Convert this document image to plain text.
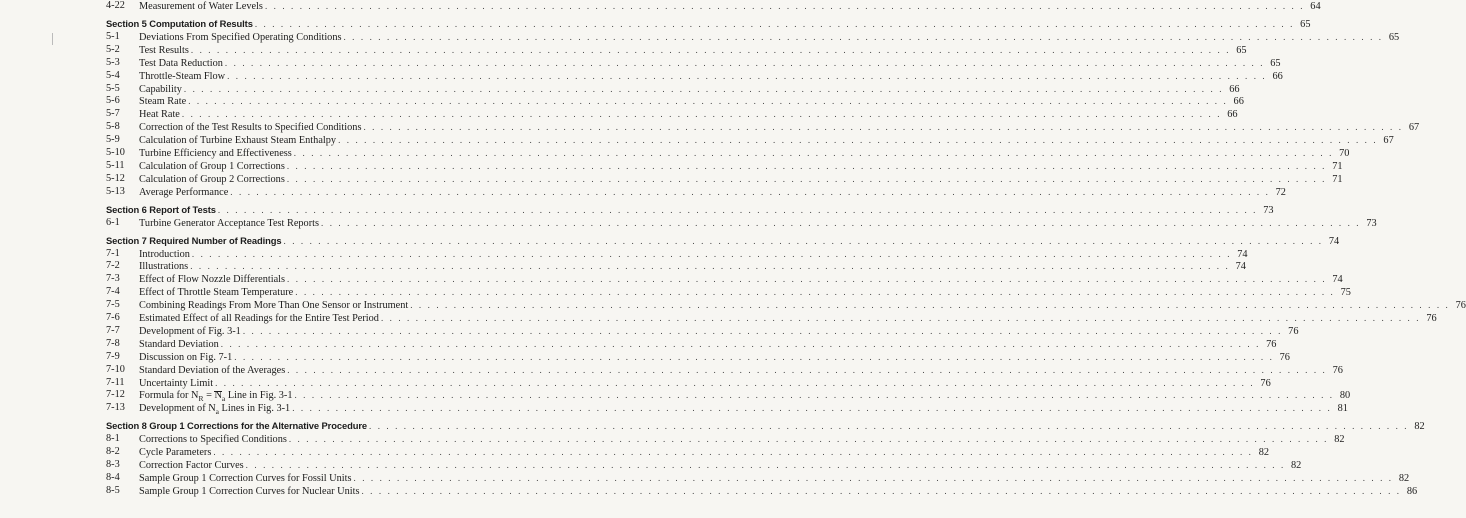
4-22 Measurement of Water Levels . . . . . . . . . . . . . . . . . . . . . . . . . . . . . . . . . . . . . . . . . . . . . . . . . . . . . . . . . . . . . . . . . . . . . . . . . . . . . . . . . . . . . . . . . . . . . . . . . . . . . . . . . . . . . . . . . . . . . . . . 64
Section 5 Computation of Results . . . . . . . . . . . . . . . . . . . . . . . . . . . . . . . . . . . . . . . . . . . . . . . . . . . . . . . . . . . . . . . . . . . . . . . . . . . . . . . . . . . . . . . . . . . . . . . . . . . . . . . . . . . . . . . . . . . . . . . . 65
5-1 Deviations From Specified Operating Conditions . . . . . . . . . . . . . . . . . . . . . . . . . . . . . . . . . . . . . . . . . . . . . . . . . . . . . . . . . . . . . . . . . . . . . . . . . . . . . . . . . . . . . . . . . . . . . . . . . . . . . . . . . . . . . . . . . . . . . . . . 65
5-2 Test Results . . . . . . . . . . . . . . . . . . . . . . . . . . . . . . . . . . . . . . . . . . . . . . . . . . . . . . . . . . . . . . . . . . . . . . . . . . . . . . . . . . . . . . . . . . . . . . . . . . . . . . . . . . . . . . . . . . . . . . . . 65
5-3 Test Data Reduction . . . . . . . . . . . . . . . . . . . . . . . . . . . . . . . . . . . . . . . . . . . . . . . . . . . . . . . . . . . . . . . . . . . . . . . . . . . . . . . . . . . . . . . . . . . . . . . . . . . . . . . . . . . . . . . . . . . . . . . . 65
5-4 Throttle-Steam Flow . . . . . . . . . . . . . . . . . . . . . . . . . . . . . . . . . . . . . . . . . . . . . . . . . . . . . . . . . . . . . . . . . . . . . . . . . . . . . . . . . . . . . . . . . . . . . . . . . . . . . . . . . . . . . . . . . . . . . . . . 66
5-5 Capability . . . . . . . . . . . . . . . . . . . . . . . . . . . . . . . . . . . . . . . . . . . . . . . . . . . . . . . . . . . . . . . . . . . . . . . . . . . . . . . . . . . . . . . . . . . . . . . . . . . . . . . . . . . . . . . . . . . . . . . . 66
5-6 Steam Rate . . . . . . . . . . . . . . . . . . . . . . . . . . . . . . . . . . . . . . . . . . . . . . . . . . . . . . . . . . . . . . . . . . . . . . . . . . . . . . . . . . . . . . . . . . . . . . . . . . . . . . . . . . . . . . . . . . . . . . . . 66
5-7 Heat Rate . . . . . . . . . . . . . . . . . . . . . . . . . . . . . . . . . . . . . . . . . . . . . . . . . . . . . . . . . . . . . . . . . . . . . . . . . . . . . . . . . . . . . . . . . . . . . . . . . . . . . . . . . . . . . . . . . . . . . . . . 66
5-8 Correction of the Test Results to Specified Conditions . . . . . . . . . . . . . . . . . . . . . . . . . . . . . . . . . . . . . . . . . . . . . . . . . . . . . . . . . . . . . . . . . . . . . . . . . . . . . . . . . . . . . . . . . . . . . . . . . . . . . . . . . . . . . . . . . . . . . . . . 67
5-9 Calculation of Turbine Exhaust Steam Enthalpy . . . . . . . . . . . . . . . . . . . . . . . . . . . . . . . . . . . . . . . . . . . . . . . . . . . . . . . . . . . . . . . . . . . . . . . . . . . . . . . . . . . . . . . . . . . . . . . . . . . . . . . . . . . . . . . . . . . . . . . . 67
5-10 Turbine Efficiency and Effectiveness . . . . . . . . . . . . . . . . . . . . . . . . . . . . . . . . . . . . . . . . . . . . . . . . . . . . . . . . . . . . . . . . . . . . . . . . . . . . . . . . . . . . . . . . . . . . . . . . . . . . . . . . . . . . . . . . . . . . . . . . 70
5-11 Calculation of Group 1 Corrections . . . . . . . . . . . . . . . . . . . . . . . . . . . . . . . . . . . . . . . . . . . . . . . . . . . . . . . . . . . . . . . . . . . . . . . . . . . . . . . . . . . . . . . . . . . . . . . . . . . . . . . . . . . . . . . . . . . . . . . . 71
5-12 Calculation of Group 2 Corrections . . . . . . . . . . . . . . . . . . . . . . . . . . . . . . . . . . . . . . . . . . . . . . . . . . . . . . . . . . . . . . . . . . . . . . . . . . . . . . . . . . . . . . . . . . . . . . . . . . . . . . . . . . . . . . . . . . . . . . . . 71
5-13 Average Performance . . . . . . . . . . . . . . . . . . . . . . . . . . . . . . . . . . . . . . . . . . . . . . . . . . . . . . . . . . . . . . . . . . . . . . . . . . . . . . . . . . . . . . . . . . . . . . . . . . . . . . . . . . . . . . . . . . . . . . . . 72
Section 6 Report of Tests . . . . . . . . . . . . . . . . . . . . . . . . . . . . . . . . . . . . . . . . . . . . . . . . . . . . . . . . . . . . . . . . . . . . . . . . . . . . . . . . . . . . . . . . . . . . . . . . . . . . . . . . . . . . . . . . . . . . . . . . 73
6-1 Turbine Generator Acceptance Test Reports . . . . . . . . . . . . . . . . . . . . . . . . . . . . . . . . . . . . . . . . . . . . . . . . . . . . . . . . . . . . . . . . . . . . . . . . . . . . . . . . . . . . . . . . . . . . . . . . . . . . . . . . . . . . . . . . . . . . . . . . 73
Section 7 Required Number of Readings . . . . . . . . . . . . . . . . . . . . . . . . . . . . . . . . . . . . . . . . . . . . . . . . . . . . . . . . . . . . . . . . . . . . . . . . . . . . . . . . . . . . . . . . . . . . . . . . . . . . . . . . . . . . . . . . . . . . . . . . 74
7-1 Introduction . . . . . . . . . . . . . . . . . . . . . . . . . . . . . . . . . . . . . . . . . . . . . . . . . . . . . . . . . . . . . . . . . . . . . . . . . . . . . . . . . . . . . . . . . . . . . . . . . . . . . . . . . . . . . . . . . . . . . . . . 74
7-2 Illustrations . . . . . . . . . . . . . . . . . . . . . . . . . . . . . . . . . . . . . . . . . . . . . . . . . . . . . . . . . . . . . . . . . . . . . . . . . . . . . . . . . . . . . . . . . . . . . . . . . . . . . . . . . . . . . . . . . . . . . . . . 74
7-3 Effect of Flow Nozzle Differentials . . . . . . . . . . . . . . . . . . . . . . . . . . . . . . . . . . . . . . . . . . . . . . . . . . . . . . . . . . . . . . . . . . . . . . . . . . . . . . . . . . . . . . . . . . . . . . . . . . . . . . . . . . . . . . . . . . . . . . . . 74
7-4 Effect of Throttle Steam Temperature . . . . . . . . . . . . . . . . . . . . . . . . . . . . . . . . . . . . . . . . . . . . . . . . . . . . . . . . . . . . . . . . . . . . . . . . . . . . . . . . . . . . . . . . . . . . . . . . . . . . . . . . . . . . . . . . . . . . . . . . 75
7-5 Combining Readings From More Than One Sensor or Instrument . . . . . . . . . . . . . . . . . . . . . . . . . . . . . . . . . . . . . . . . . . . . . . . . . . . . . . . . . . . . . . . . . . . . . . . . . . . . . . . . . . . . . . . . . . . . . . . . . . . . . . . . . . . . . . . . . . . . . . . . 76
7-6 Estimated Effect of all Readings for the Entire Test Period . . . . . . . . . . . . . . . . . . . . . . . . . . . . . . . . . . . . . . . . . . . . . . . . . . . . . . . . . . . . . . . . . . . . . . . . . . . . . . . . . . . . . . . . . . . . . . . . . . . . . . . . . . . . . . . . . . . . . . . . 76
7-7 Development of Fig. 3-1 . . . . . . . . . . . . . . . . . . . . . . . . . . . . . . . . . . . . . . . . . . . . . . . . . . . . . . . . . . . . . . . . . . . . . . . . . . . . . . . . . . . . . . . . . . . . . . . . . . . . . . . . . . . . . . . . . . . . . . . . 76
7-8 Standard Deviation . . . . . . . . . . . . . . . . . . . . . . . . . . . . . . . . . . . . . . . . . . . . . . . . . . . . . . . . . . . . . . . . . . . . . . . . . . . . . . . . . . . . . . . . . . . . . . . . . . . . . . . . . . . . . . . . . . . . . . . . 76
7-9 Discussion on Fig. 7-1 . . . . . . . . . . . . . . . . . . . . . . . . . . . . . . . . . . . . . . . . . . . . . . . . . . . . . . . . . . . . . . . . . . . . . . . . . . . . . . . . . . . . . . . . . . . . . . . . . . . . . . . . . . . . . . . . . . . . . . . . 76
7-10 Standard Deviation of the Averages . . . . . . . . . . . . . . . . . . . . . . . . . . . . . . . . . . . . . . . . . . . . . . . . . . . . . . . . . . . . . . . . . . . . . . . . . . . . . . . . . . . . . . . . . . . . . . . . . . . . . . . . . . . . . . . . . . . . . . . . 76
7-11 Uncertainty Limit . . . . . . . . . . . . . . . . . . . . . . . . . . . . . . . . . . . . . . . . . . . . . . . . . . . . . . . . . . . . . . . . . . . . . . . . . . . . . . . . . . . . . . . . . . . . . . . . . . . . . . . . . . . . . . . . . . . . . . . . 76
7-12 Formula for $N_R = N_a$ Line in Fig. 3-1 . . . . . . . . . . . . . . . . . . . . . . . . . . . . . . . . . . . . . . . . . . . . . . . . . . . . . . . . . . . . . . . . . . . . . . . . . . . . . . . . . . . . . . . . . . . . . . . . . . . . . . . . . . . . . . . . . . . . . . . . 80
7-13 Development of $N_a$ Lines in Fig. 3-1 . . . . . . . . . . . . . . . . . . . . . . . . . . . . . . . . . . . . . . . . . . . . . . . . . . . . . . . . . . . . . . . . . . . . . . . . . . . . . . . . . . . . . . . . . . . . . . . . . . . . . . . . . . . . . . . . . . . . . . . . 81
Section 8 Group 1 Corrections for the Alternative Procedure . . . . . . . . . . . . . . . . . . . . . . . . . . . . . . . . . . . . . . . . . . . . . . . . . . . . . . . . . . . . . . . . . . . . . . . . . . . . . . . . . . . . . . . . . . . . . . . . . . . . . . . . . . . . . . . . . . . . . . . . 82
8-1 Corrections to Specified Conditions . . . . . . . . . . . . . . . . . . . . . . . . . . . . . . . . . . . . . . . . . . . . . . . . . . . . . . . . . . . . . . . . . . . . . . . . . . . . . . . . . . . . . . . . . . . . . . . . . . . . . . . . . . . . . . . . . . . . . . . . 82
8-2 Cycle Parameters . . . . . . . . . . . . . . . . . . . . . . . . . . . . . . . . . . . . . . . . . . . . . . . . . . . . . . . . . . . . . . . . . . . . . . . . . . . . . . . . . . . . . . . . . . . . . . . . . . . . . . . . . . . . . . . . . . . . . . . . 82
8-3 Correction Factor Curves . . . . . . . . . . . . . . . . . . . . . . . . . . . . . . . . . . . . . . . . . . . . . . . . . . . . . . . . . . . . . . . . . . . . . . . . . . . . . . . . . . . . . . . . . . . . . . . . . . . . . . . . . . . . . . . . . . . . . . . . 82
8-4 Sample Group 1 Correction Curves for Fossil Units . . . . . . . . . . . . . . . . . . . . . . . . . . . . . . . . . . . . . . . . . . . . . . . . . . . . . . . . . . . . . . . . . . . . . . . . . . . . . . . . . . . . . . . . . . . . . . . . . . . . . . . . . . . . . . . . . . . . . . . . 82
8-5 Sample Group 1 Correction Curves for Nuclear Units . . . . . . . . . . . . . . . . . . . . . . . . . . . . . . . . . . . . . . . . . . . . . . . . . . . . . . . . . . . . . . . . . . . . . . . . . . . . . . . . . . . . . . . . . . . . . . . . . . . . . . . . . . . . . . . . . . . . . . . . 86
